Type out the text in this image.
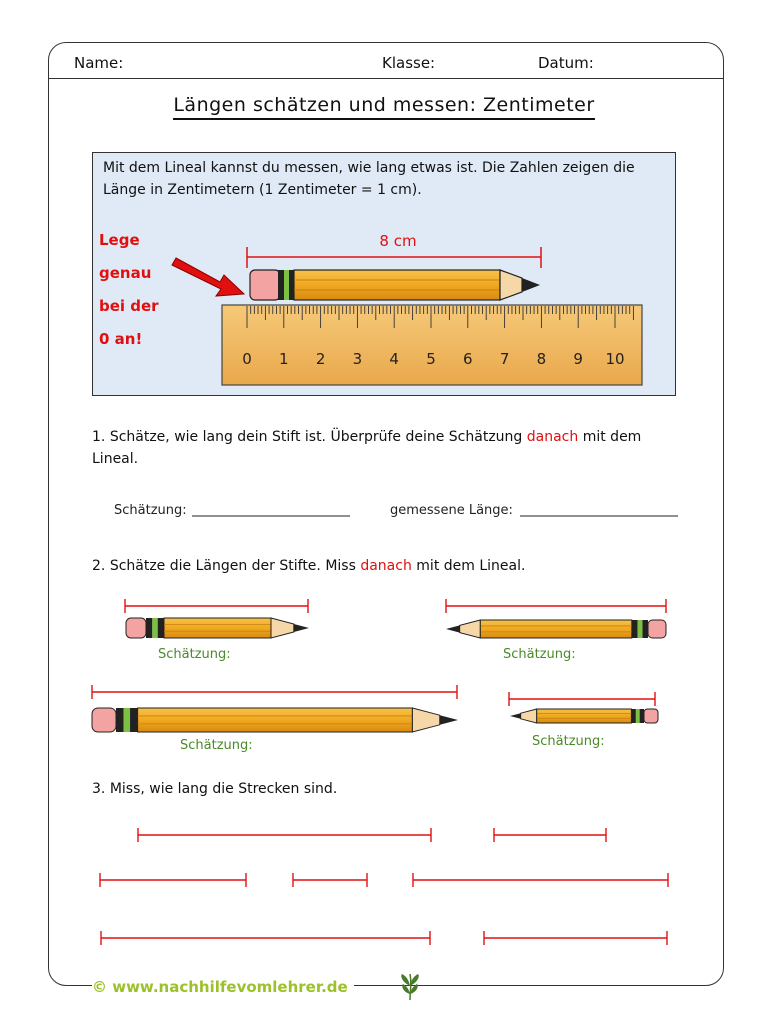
Name:	Klasse:	Datum:
Längen schätzen und messen: Zentimeter
Mit dem Lineal kannst du messen, wie lang etwas ist. Die Zahlen zeigen die Länge in Zentimetern (1 Zentimeter = 1 cm).
Lege
genau
bei der
0 an!
8 cm
0 1 2 3 4 5 6 7 8 9 10
1. Schätze, wie lang dein Stift ist. Überprüfe deine Schätzung danach mit dem Lineal.
Schätzung:	gemessene Länge:
2. Schätze die Längen der Stifte. Miss danach mit dem Lineal.
Schätzung:	Schätzung:
Schätzung:	Schätzung:
3. Miss, wie lang die Strecken sind.
© www.nachhilfevomlehrer.de
